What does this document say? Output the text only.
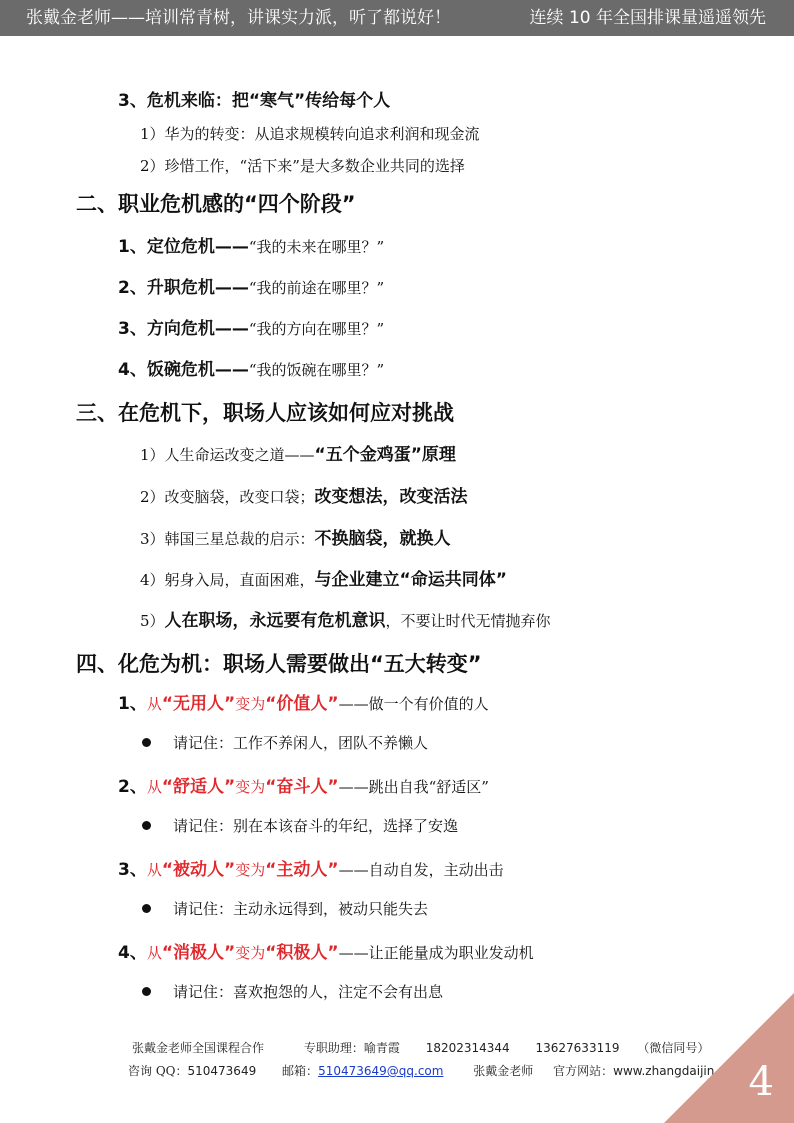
张戴金老师——培训常青树，讲课实力派，听了都说好！	连续 10 年全国排课量遥遥领先
3、危机来临：把“寒气”传给每个人
1）华为的转变：从追求规模转向追求利润和现金流
2）珍惜工作，“活下来”是大多数企业共同的选择
二、职业危机感的“四个阶段”
1、定位危机——“我的未来在哪里？”
2、升职危机——“我的前途在哪里？”
3、方向危机——“我的方向在哪里？”
4、饭碗危机——“我的饭碗在哪里？”
三、在危机下，职场人应该如何应对挑战
1）人生命运改变之道——“五个金鸡蛋”原理
2）改变脑袋，改变口袋；改变想法，改变活法
3）韩国三星总裁的启示：不换脑袋，就换人
4）躬身入局，直面困难，与企业建立“命运共同体”
5）人在职场，永远要有危机意识，不要让时代无情抛弃你
四、化危为机：职场人需要做出“五大转变”
1、从“无用人”变为“价值人”——做一个有价值的人
请记住：工作不养闲人，团队不养懒人
2、从“舒适人”变为“奋斗人”——跳出自我“舒适区”
请记住：别在本该奋斗的年纪，选择了安逸
3、从“被动人”变为“主动人”——自动自发，主动出击
请记住：主动永远得到，被动只能失去
4、从“消极人”变为“积极人”——让正能量成为职业发动机
请记住：喜欢抱怨的人，注定不会有出息
张戴金老师全国课程合作	专职助理：喻青霞 18202314344 13627633119 （微信同号）
咨询 QQ：510473649 邮箱：510473649@qq.com 张戴金老师 官方网站：www.zhangdaijin.com 4
